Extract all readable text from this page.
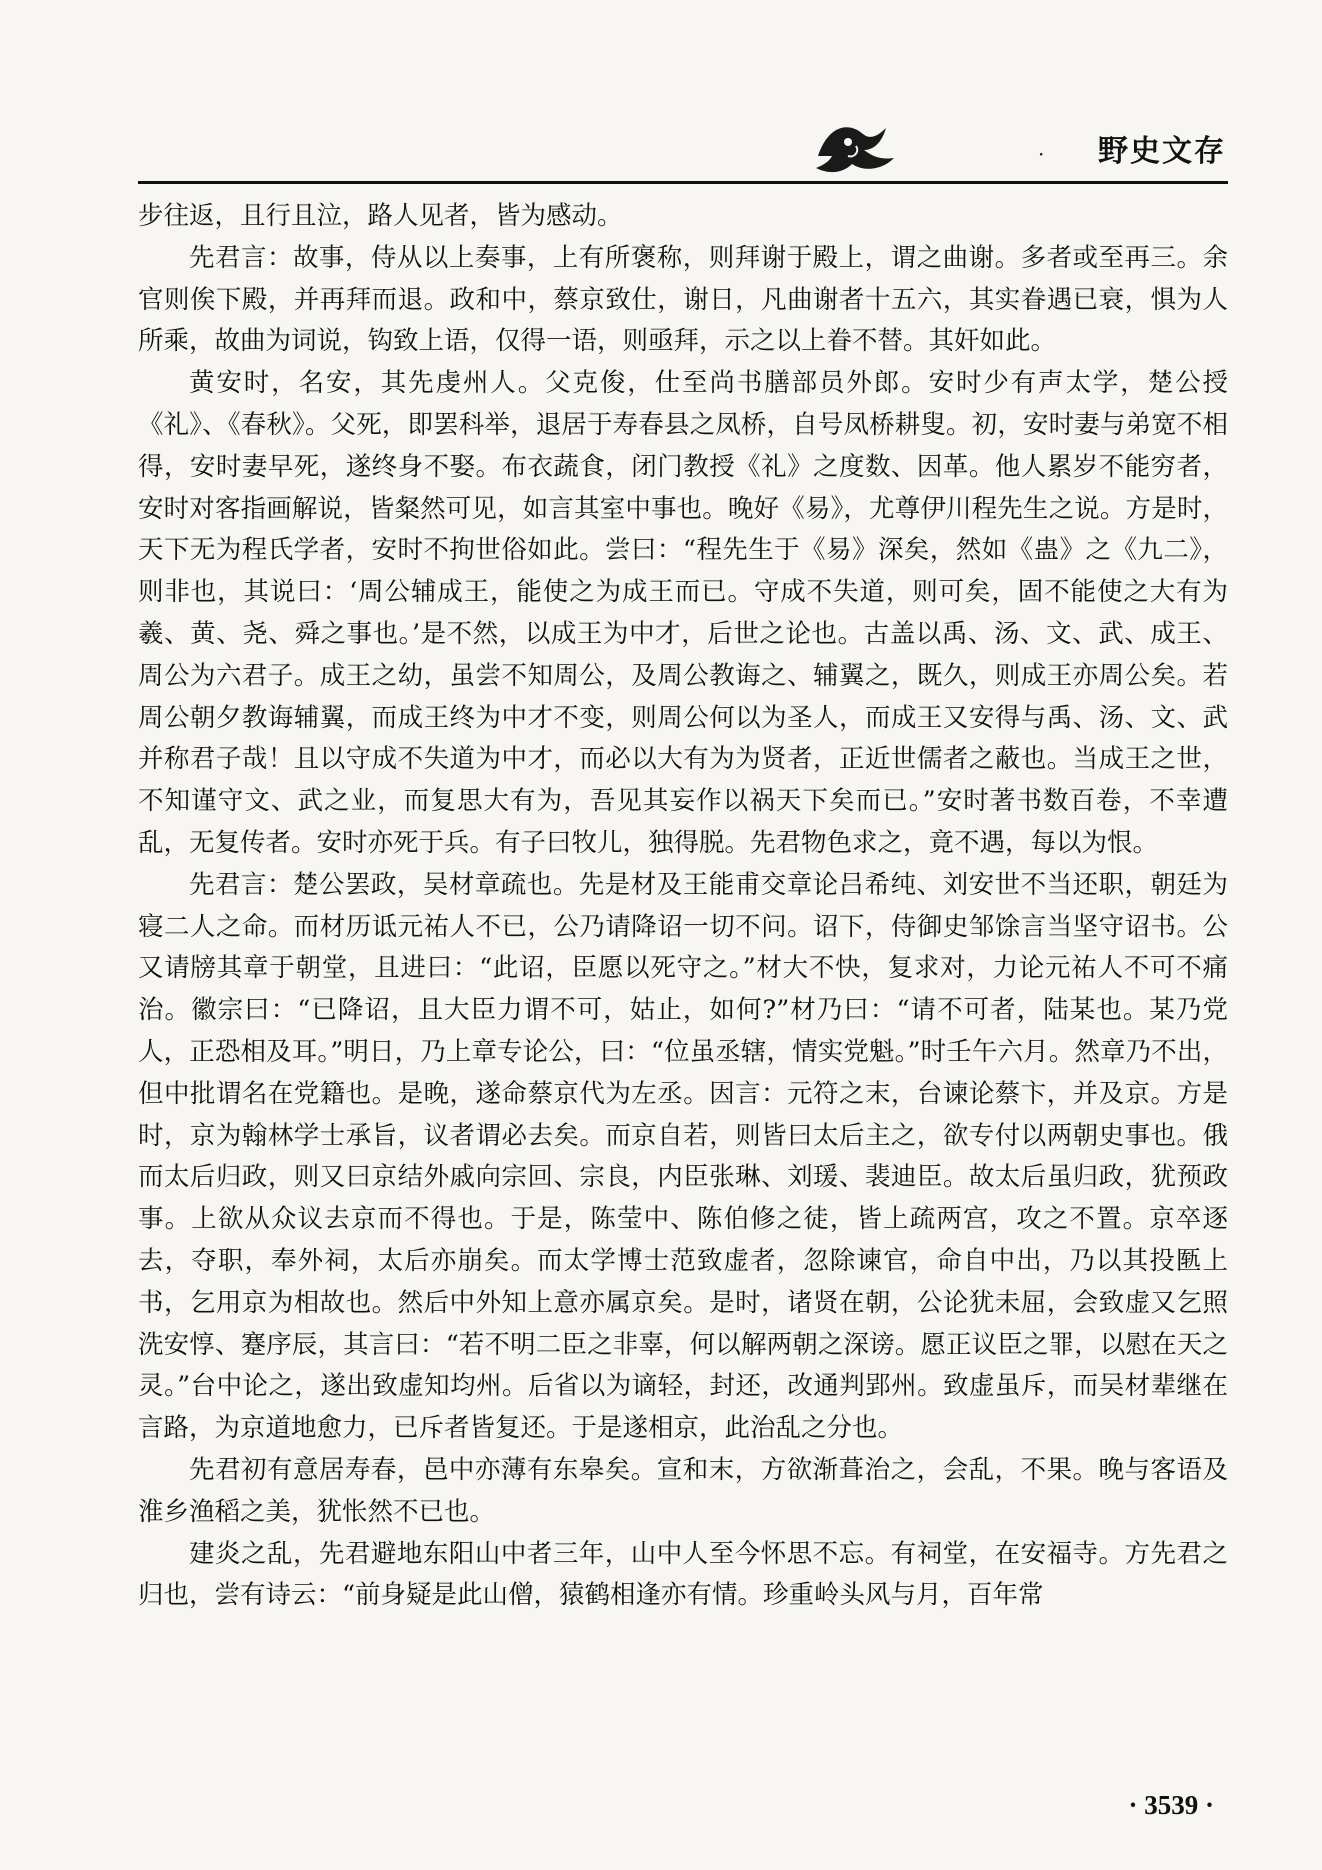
· 野史文存

步往返，且行且泣，路人见者，皆为感动。

先君言：故事，侍从以上奏事，上有所褒称，则拜谢于殿上，谓之曲谢。多者或至再三。余官则俟下殿，并再拜而退。政和中，蔡京致仕，谢日，凡曲谢者十五六，其实眷遇已衰，惧为人所乘，故曲为词说，钩致上语，仅得一语，则亟拜，示之以上眷不替。其奸如此。

黄安时，名安，其先虔州人。父克俊，仕至尚书膳部员外郎。安时少有声太学，楚公授《礼》、《春秋》。父死，即罢科举，退居于寿春县之凤桥，自号凤桥耕叟。初，安时妻与弟宽不相得，安时妻早死，遂终身不娶。布衣蔬食，闭门教授《礼》之度数、因革。他人累岁不能穷者，安时对客指画解说，皆粲然可见，如言其室中事也。晚好《易》，尤尊伊川程先生之说。方是时，天下无为程氏学者，安时不拘世俗如此。尝曰：“程先生于《易》深矣，然如《蛊》之《九二》，则非也，其说曰：‘周公辅成王，能使之为成王而已。守成不失道，则可矣，固不能使之大有为羲、黄、尧、舜之事也。’是不然，以成王为中才，后世之论也。古盖以禹、汤、文、武、成王、周公为六君子。成王之幼，虽尝不知周公，及周公教诲之、辅翼之，既久，则成王亦周公矣。若周公朝夕教诲辅翼，而成王终为中才不变，则周公何以为圣人，而成王又安得与禹、汤、文、武并称君子哉！且以守成不失道为中才，而必以大有为为贤者，正近世儒者之蔽也。当成王之世，不知谨守文、武之业，而复思大有为，吾见其妄作以祸天下矣而已。”安时著书数百卷，不幸遭乱，无复传者。安时亦死于兵。有子曰牧儿，独得脱。先君物色求之，竟不遇，每以为恨。

先君言：楚公罢政，吴材章疏也。先是材及王能甫交章论吕希纯、刘安世不当还职，朝廷为寝二人之命。而材历诋元祐人不已，公乃请降诏一切不问。诏下，侍御史邹馀言当坚守诏书。公又请牓其章于朝堂，且进曰：“此诏，臣愿以死守之。”材大不快，复求对，力论元祐人不可不痛治。徽宗曰：“已降诏，且大臣力谓不可，姑止，如何?”材乃曰：“请不可者，陆某也。某乃党人，正恐相及耳。”明日，乃上章专论公，曰：“位虽丞辖，情实党魁。”时壬午六月。然章乃不出，但中批谓名在党籍也。是晚，遂命蔡京代为左丞。因言：元符之末，台谏论蔡卞，并及京。方是时，京为翰林学士承旨，议者谓必去矣。而京自若，则皆曰太后主之，欲专付以两朝史事也。俄而太后归政，则又曰京结外戚向宗回、宗良，内臣张琳、刘瑗、裴迪臣。故太后虽归政，犹预政事。上欲从众议去京而不得也。于是，陈莹中、陈伯修之徒，皆上疏两宫，攻之不置。京卒逐去，夺职，奉外祠，太后亦崩矣。而太学博士范致虚者，忽除谏官，命自中出，乃以其投匦上书，乞用京为相故也。然后中外知上意亦属京矣。是时，诸贤在朝，公论犹未屈，会致虚又乞照洗安惇、蹇序辰，其言曰：“若不明二臣之非辜，何以解两朝之深谤。愿正议臣之罪，以慰在天之灵。”台中论之，遂出致虚知均州。后省以为谪轻，封还，改通判郢州。致虚虽斥，而吴材辈继在言路，为京道地愈力，已斥者皆复还。于是遂相京，此治乱之分也。

先君初有意居寿春，邑中亦薄有东皋矣。宣和末，方欲渐葺治之，会乱，不果。晚与客语及淮乡渔稻之美，犹怅然不已也。

建炎之乱，先君避地东阳山中者三年，山中人至今怀思不忘。有祠堂，在安福寺。方先君之归也，尝有诗云：“前身疑是此山僧，猿鹤相逢亦有情。珍重岭头风与月，百年常

· 3539 ·
